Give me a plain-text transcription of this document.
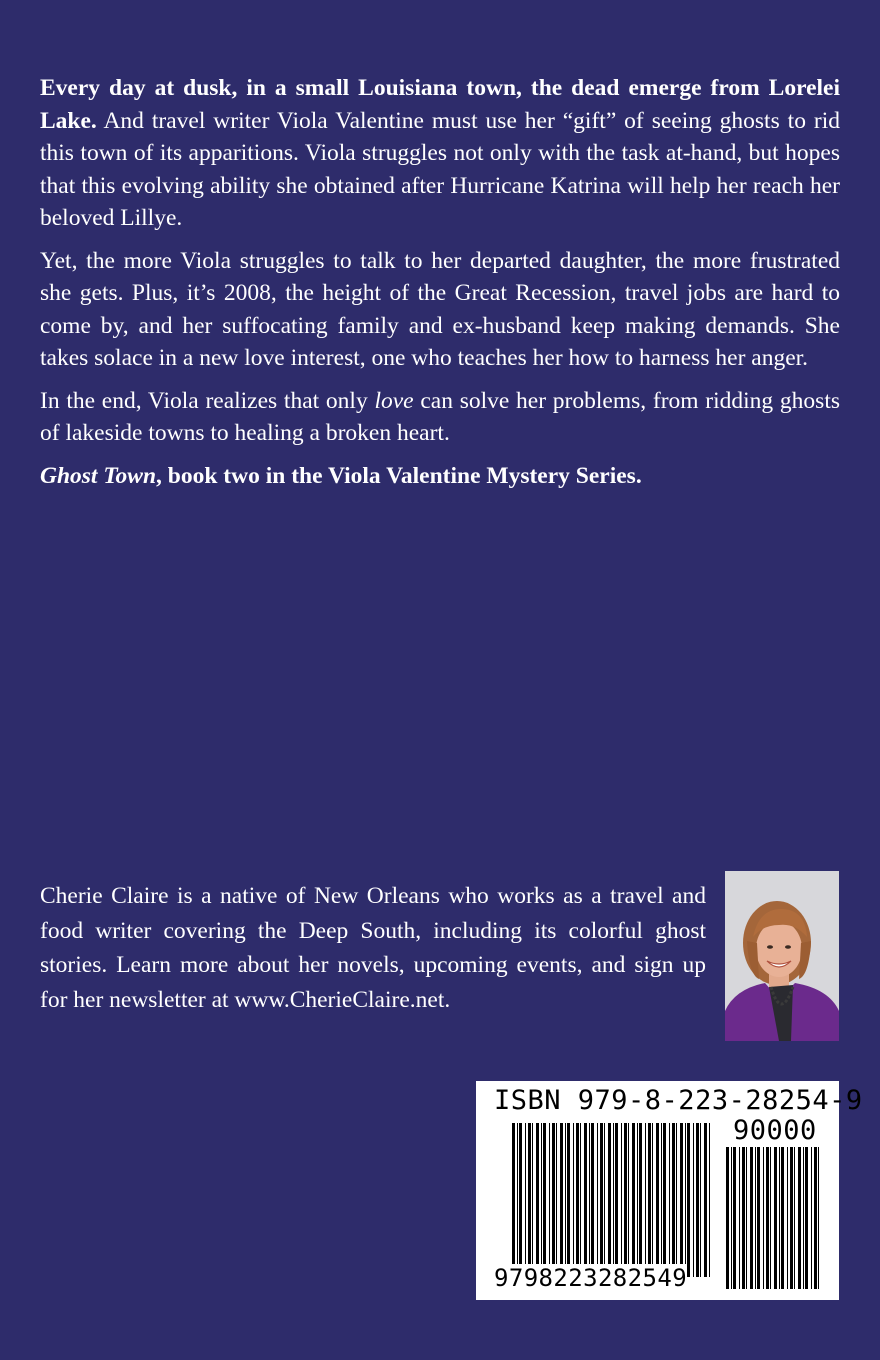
Every day at dusk, in a small Louisiana town, the dead emerge from Lorelei Lake. And travel writer Viola Valentine must use her “gift” of seeing ghosts to rid this town of its apparitions. Viola struggles not only with the task at-hand, but hopes that this evolving ability she obtained after Hurricane Katrina will help her reach her beloved Lillye.

Yet, the more Viola struggles to talk to her departed daughter, the more frustrated she gets. Plus, it’s 2008, the height of the Great Recession, travel jobs are hard to come by, and her suffocating family and ex-husband keep making demands. She takes solace in a new love interest, one who teaches her how to harness her anger.

In the end, Viola realizes that only love can solve her problems, from ridding ghosts of lakeside towns to healing a broken heart.

Ghost Town, book two in the Viola Valentine Mystery Series.

Cherie Claire is a native of New Orleans who works as a travel and food writer covering the Deep South, including its colorful ghost stories. Learn more about her novels, upcoming events, and sign up for her newsletter at www.CherieClaire.net.

ISBN 979-8-223-28254-9
90000
9798223282549
